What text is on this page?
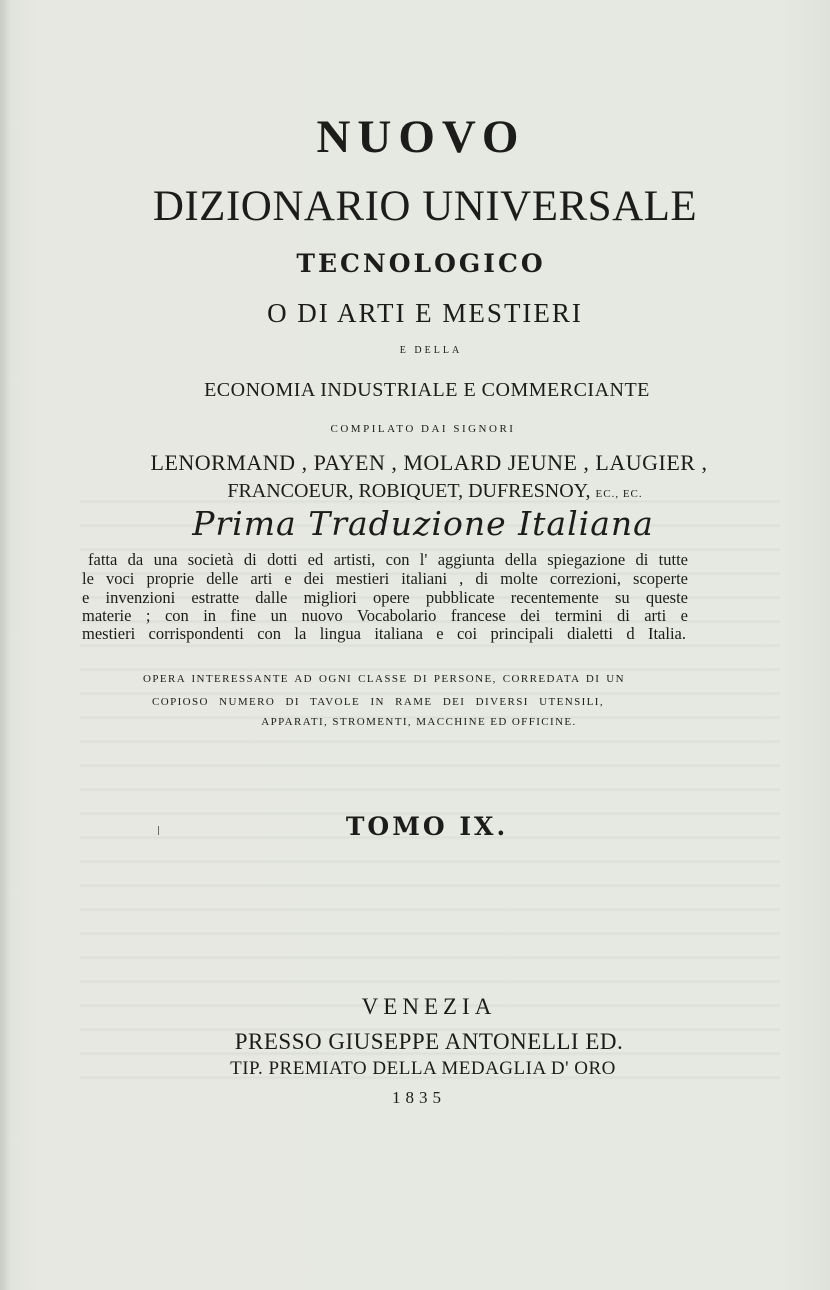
NUOVO
DIZIONARIO UNIVERSALE
TECNOLOGICO
O DI ARTI E MESTIERI
E DELLA
ECONOMIA INDUSTRIALE E COMMERCIANTE
COMPILATO DAI SIGNORI
LENORMAND , PAYEN , MOLARD JEUNE , LAUGIER ,
FRANCOEUR, ROBIQUET, DUFRESNOY, EC., EC.
Prima Traduzione Italiana
fatta da una società di dotti ed artisti, con l' aggiunta della spiegazione di tutte
le voci proprie delle arti e dei mestieri italiani , di molte correzioni, scoperte
e invenzioni estratte dalle migliori opere pubblicate recentemente su queste
materie ; con in fine un nuovo Vocabolario francese dei termini di arti e
mestieri corrispondenti con la lingua italiana e coi principali dialetti d Italia.
OPERA INTERESSANTE AD OGNI CLASSE DI PERSONE, CORREDATA DI UN
COPIOSO NUMERO DI TAVOLE IN RAME DEI DIVERSI UTENSILI,
APPARATI, STROMENTI, MACCHINE ED OFFICINE.
TOMO IX.
VENEZIA
PRESSO GIUSEPPE ANTONELLI ED.
TIP. PREMIATO DELLA MEDAGLIA D' ORO
1835
